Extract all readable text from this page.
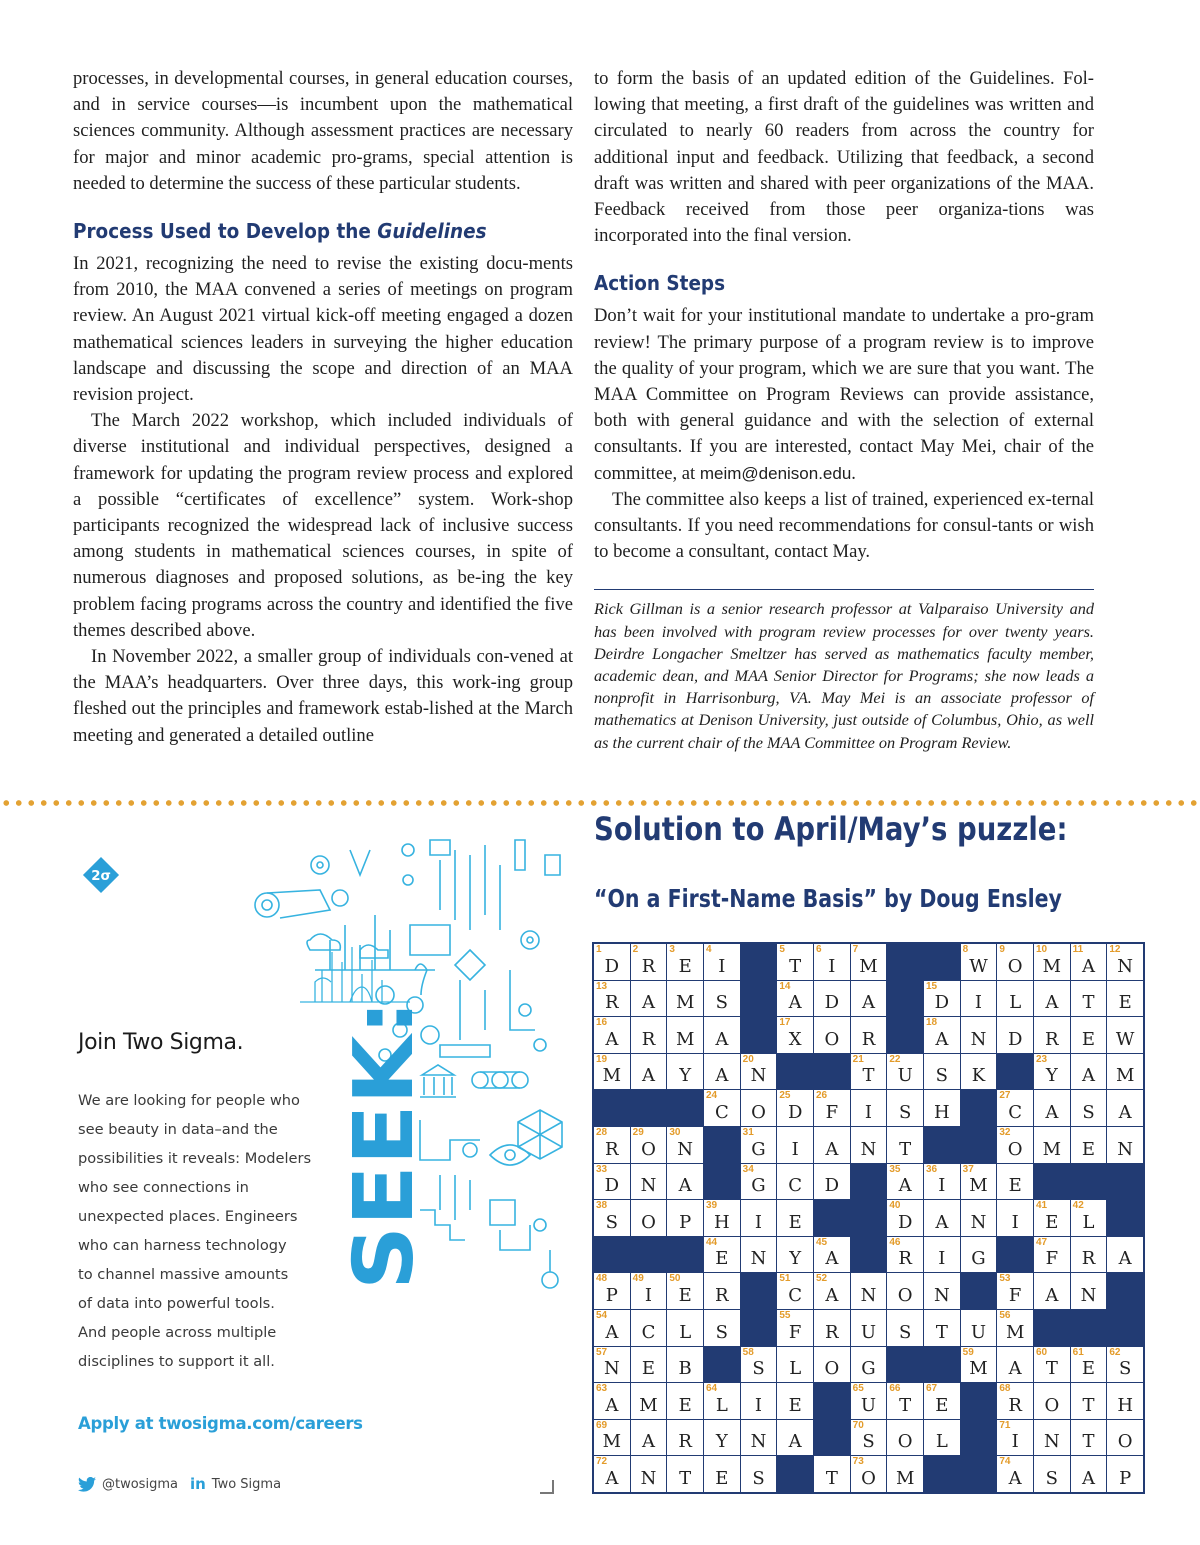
processes, in developmental courses, in general education courses, and in service courses—is incumbent upon the mathematical sciences community. Although assessment practices are necessary for major and minor academic pro-grams, special attention is needed to determine the success of these particular students.

Process Used to Develop the Guidelines

In 2021, recognizing the need to revise the existing docu-ments from 2010, the MAA convened a series of meetings on program review. An August 2021 virtual kick-off meeting engaged a dozen mathematical sciences leaders in surveying the higher education landscape and discussing the scope and direction of an MAA revision project.

The March 2022 workshop, which included individuals of diverse institutional and individual perspectives, designed a framework for updating the program review process and explored a possible “certificates of excellence” system. Work-shop participants recognized the widespread lack of inclusive success among students in mathematical sciences courses, in spite of numerous diagnoses and proposed solutions, as be-ing the key problem facing programs across the country and identified the five themes described above.

In November 2022, a smaller group of individuals con-vened at the MAA’s headquarters. Over three days, this work-ing group fleshed out the principles and framework estab-lished at the March meeting and generated a detailed outline

to form the basis of an updated edition of the Guidelines. Fol-lowing that meeting, a first draft of the guidelines was written and circulated to nearly 60 readers from across the country for additional input and feedback. Utilizing that feedback, a second draft was written and shared with peer organizations of the MAA. Feedback received from those peer organiza-tions was incorporated into the final version.

Action Steps

Don’t wait for your institutional mandate to undertake a pro-gram review! The primary purpose of a program review is to improve the quality of your program, which we are sure that you want. The MAA Committee on Program Reviews can provide assistance, both with general guidance and with the selection of external consultants. If you are interested, contact May Mei, chair of the committee, at meim@denison.edu.

The committee also keeps a list of trained, experienced ex-ternal consultants. If you need recommendations for consul-tants or wish to become a consultant, contact May.

Rick Gillman is a senior research professor at Valparaiso University and has been involved with program review processes for over twenty years. Deirdre Longacher Smeltzer has served as mathematics faculty member, academic dean, and MAA Senior Director for Programs; she now leads a nonprofit in Harrisonburg, VA. May Mei is an associate professor of mathematics at Denison University, just outside of Columbus, Ohio, as well as the current chair of the MAA Committee on Program Review.

2σ
SEEK:
Join Two Sigma.
We are looking for people who
see beauty in data–and the
possibilities it reveals: Modelers
who see connections in
unexpected places. Engineers
who can harness technology
to channel massive amounts
of data into powerful tools.
And people across multiple
disciplines to support it all.
Apply at twosigma.com/careers
@twosigma in Two Sigma
Solution to April/May’s puzzle:
“On a First-Name Basis” by Doug Ensley
1
D
2
R
3
E
4
I
5
T
6
I
7
M
8
W
9
O
10
M
11
A
12
N
13
R A M S
14
A D A
15
D I L A T E
16
A R M A
17
X O R
18
A N D R E W
19
M A Y A
20
N
21
T
22
U S K
23
Y A M
24
C O
25
D
26
F I S H
27
C A S A
28
R
29
O
30
N
31
G I A N T
32
O M E N
33
D N A
34
G C D
35
A
36
I
37
M E
38
S O P
39
H I E
40
D A N I
41
E
42
L
44
E N Y
45
A
46
R I G
47
F R A
48
P
49
I
50
E R
51
C
52
A N O N
53
F A N
54
A C L S
55
F R U S T U
56
M
57
N E B
58
S L O G
59
M A
60
T
61
E
62
S
63
A M E
64
L I E
65
U
66
T
67
E
68
R O T H
69
M A R Y N A
70
S O L
71
I N T O
72
A N T E S	T
73
O M
74
A S A P
